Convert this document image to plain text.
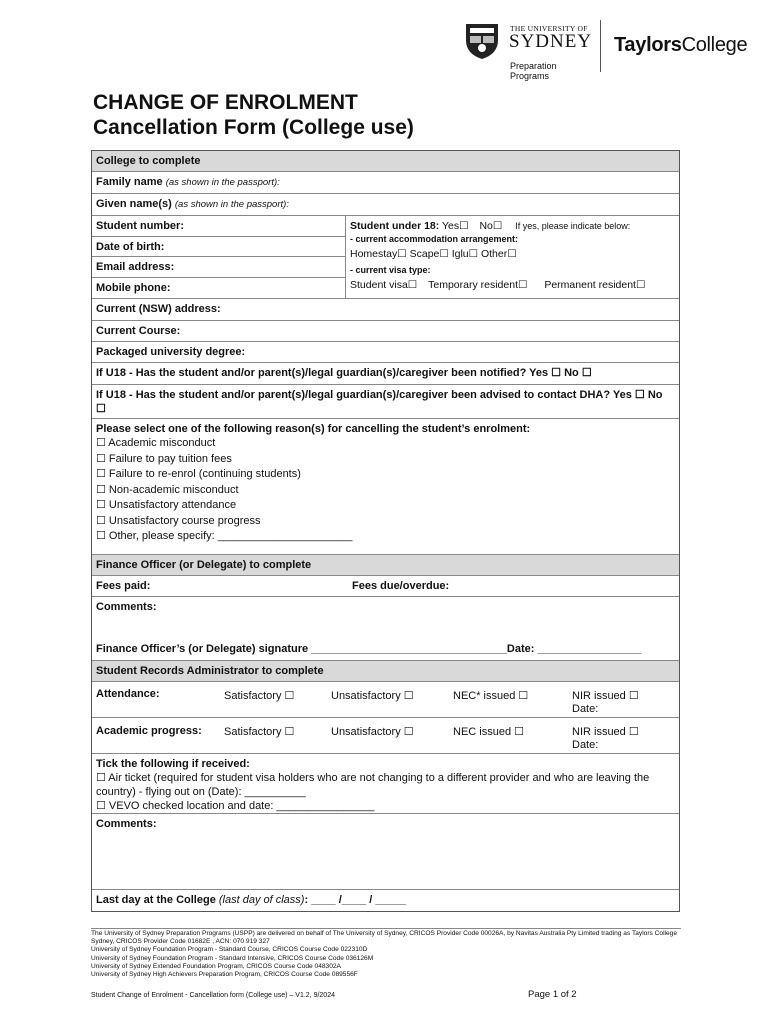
THE UNIVERSITY OF
SYDNEY
Preparation
Programs
TaylorsCollege
CHANGE OF ENROLMENT
Cancellation Form (College use)
College to complete
Family name (as shown in the passport):
Given name(s) (as shown in the passport):
Student number:
Date of birth:
Email address:
Mobile phone:
Student under 18: Yes☐ No☐ If yes, please indicate below:
- current accommodation arrangement:
Homestay☐ Scape☐ Iglu☐ Other☐
- current visa type:
Student visa☐ Temporary resident☐ Permanent resident☐
Current (NSW) address:
Current Course:
Packaged university degree:
If U18 - Has the student and/or parent(s)/legal guardian(s)/caregiver been notified? Yes ☐ No ☐
If U18 - Has the student and/or parent(s)/legal guardian(s)/caregiver been advised to contact DHA? Yes ☐ No ☐
Please select one of the following reason(s) for cancelling the student’s enrolment:
☐ Academic misconduct
☐ Failure to pay tuition fees
☐ Failure to re-enrol (continuing students)
☐ Non-academic misconduct
☐ Unsatisfactory attendance
☐ Unsatisfactory course progress
☐ Other, please specify: ______________________
Finance Officer (or Delegate) to complete
Fees paid:	Fees due/overdue:
Comments:
Finance Officer’s (or Delegate) signature ________________________________Date: _________________
Student Records Administrator to complete
Attendance:	Satisfactory ☐	Unsatisfactory ☐	NEC* issued ☐	NIR issued ☐
Date:
Academic progress: Satisfactory ☐	Unsatisfactory ☐	NEC issued ☐	NIR issued ☐
Date:
Tick the following if received:
☐ Air ticket (required for student visa holders who are not changing to a different provider and who are leaving the country) - flying out on (Date): __________
☐ VEVO checked location and date: ________________
Comments:
Last day at the College (last day of class): ____ /____ / _____
The University of Sydney Preparation Programs (USPP) are delivered on behalf of The University of Sydney, CRICOS Provider Code 00026A, by Navitas Australia Pty Limited trading as Taylors College Sydney, CRICOS Provider Code 01682E , ACN: 070 919 327
University of Sydney Foundation Program - Standard Course, CRICOS Course Code 022310D
University of Sydney Foundation Program - Standard Intensive, CRICOS Course Code 036126M
University of Sydney Extended Foundation Program, CRICOS Course Code 048302A
University of Sydney High Achievers Preparation Program, CRICOS Course Code 089556F
Student Change of Enrolment - Cancellation form (College use) – V1.2, 9/2024	Page 1 of 2
